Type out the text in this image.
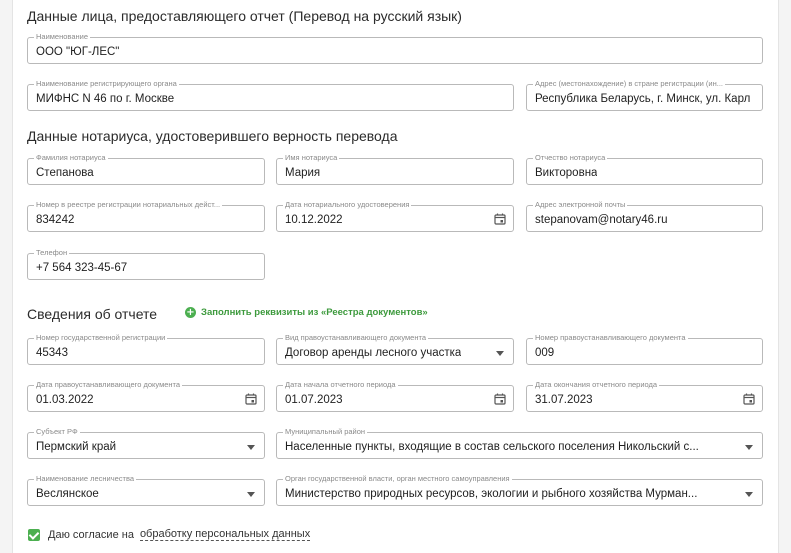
Данные лица, предоставляющего отчет (Перевод на русский язык)
Наименование
ООО "ЮГ-ЛЕС"
Наименование регистрирующего органа
МИФНС N 46 по г. Москве
Адрес (местонахождение) в стране регистрации (ин...
Республика Беларусь, г. Минск, ул. Карл
Данные нотариуса, удостоверившего верность перевода
Фамилия нотариуса
Степанова
Имя нотариуса
Мария
Отчество нотариуса
Викторовна
Номер в реестре регистрации нотариальных дейст...
834242
Дата нотариального удостоверения
10.12.2022
Адрес электронной почты
stepanovam@notary46.ru
Телефон
+7 564 323-45-67
Сведения об отчете	+ Заполнить реквизиты из «Реестра документов»
Номер государственной регистрации
45343
Вид правоустанавливающего документа
Договор аренды лесного участка
Номер правоустанавливающего документа
009
Дата правоустанавливающего документа
01.03.2022
Дата начала отчетного периода
01.07.2023
Дата окончания отчетного периода
31.07.2023
Субъект РФ
Пермский край
Муниципальный район
Населенные пункты, входящие в состав сельского поселения Никольский с...
Наименование лесничества
Веслянское
Орган государственной власти, орган местного самоуправления
Министерство природных ресурсов, экологии и рыбного хозяйства Мурман...
Даю согласие на обработку персональных данных
